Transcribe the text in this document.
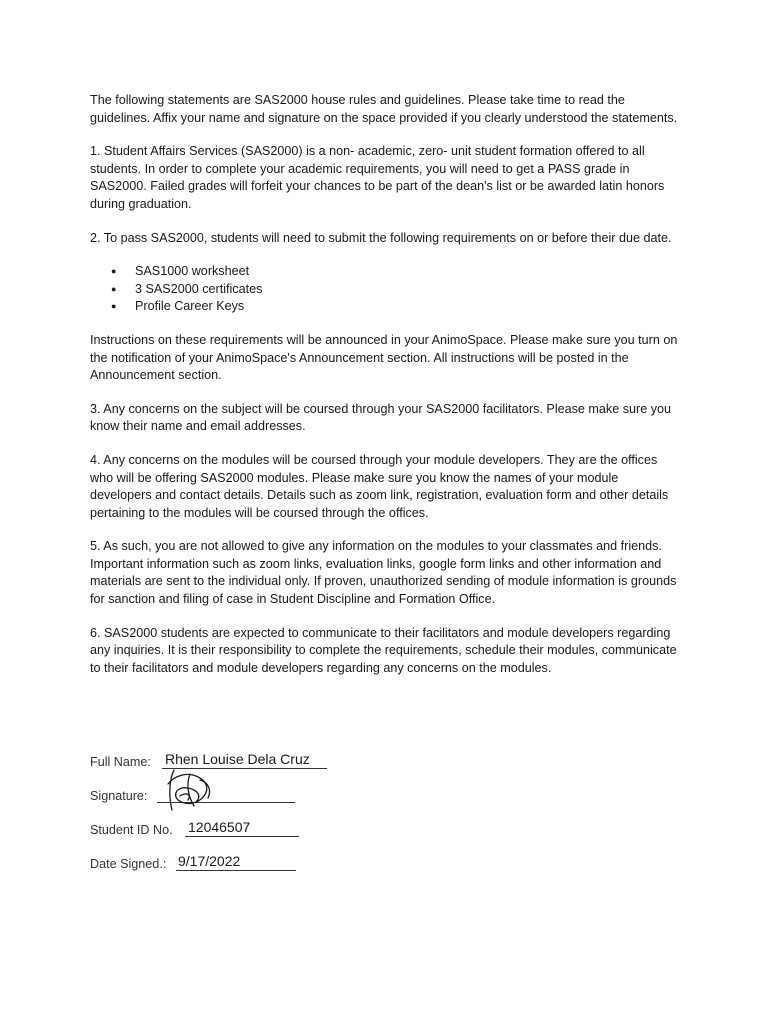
The following statements are SAS2000 house rules and guidelines. Please take time to read the guidelines. Affix your name and signature on the space provided if you clearly understood the statements.

1. Student Affairs Services (SAS2000) is a non- academic, zero- unit student formation offered to all students. In order to complete your academic requirements, you will need to get a PASS grade in SAS2000. Failed grades will forfeit your chances to be part of the dean's list or be awarded latin honors during graduation.

2. To pass SAS2000, students will need to submit the following requirements on or before their due date.

● SAS1000 worksheet
● 3 SAS2000 certificates
● Profile Career Keys

Instructions on these requirements will be announced in your AnimoSpace. Please make sure you turn on the notification of your AnimoSpace's Announcement section. All instructions will be posted in the Announcement section.

3. Any concerns on the subject will be coursed through your SAS2000 facilitators. Please make sure you know their name and email addresses.

4. Any concerns on the modules will be coursed through your module developers. They are the offices who will be offering SAS2000 modules. Please make sure you know the names of your module developers and contact details. Details such as zoom link, registration, evaluation form and other details pertaining to the modules will be coursed through the offices.

5. As such, you are not allowed to give any information on the modules to your classmates and friends. Important information such as zoom links, evaluation links, google form links and other information and materials are sent to the individual only. If proven, unauthorized sending of module information is grounds for sanction and filing of case in Student Discipline and Formation Office.

6. SAS2000 students are expected to communicate to their facilitators and module developers regarding any inquiries. It is their responsibility to complete the requirements, schedule their modules, communicate to their facilitators and module developers regarding any concerns on the modules.

Full Name: Rhen Louise Dela Cruz
Signature:
Student ID No. 12046507
Date Signed.: 9/17/2022
